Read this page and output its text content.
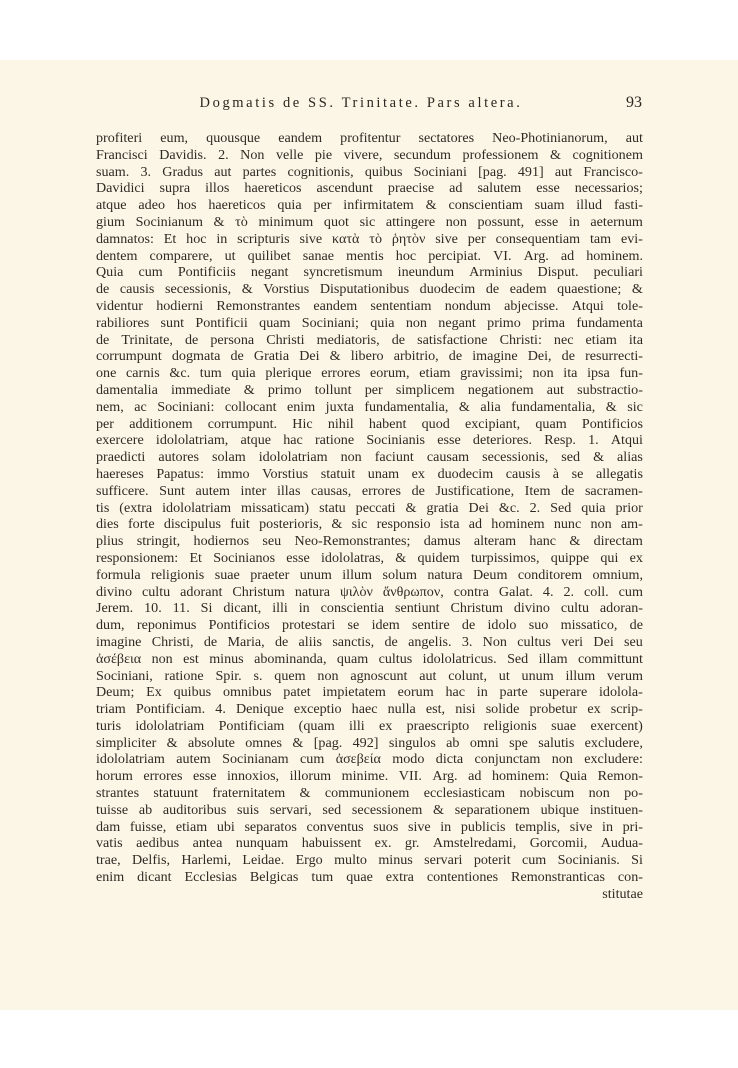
Dogmatis de SS. Trinitate. Pars altera.	93
profiteri eum, quousque eandem profitentur sectatores Neo-Photinianorum, aut
Francisci Davidis. 2. Non velle pie vivere, secundum professionem & cognitionem
suam. 3. Gradus aut partes cognitionis, quibus Sociniani [pag. 491] aut Francisco-
Davidici supra illos haereticos ascendunt praecise ad salutem esse necessarios;
atque adeo hos haereticos quia per infirmitatem & conscientiam suam illud fasti-
gium Socinianum & τὸ minimum quot sic attingere non possunt, esse in aeternum
damnatos: Et hoc in scripturis sive κατὰ τὸ ῥητὸν sive per consequentiam tam evi-
dentem comparere, ut quilibet sanae mentis hoc percipiat. VI. Arg. ad hominem.
Quia cum Pontificiis negant syncretismum ineundum Arminius Disput. peculiari
de causis secessionis, & Vorstius Disputationibus duodecim de eadem quaestione; &
videntur hodierni Remonstrantes eandem sententiam nondum abjecisse. Atqui tole-
rabiliores sunt Pontificii quam Sociniani; quia non negant primo prima fundamenta
de Trinitate, de persona Christi mediatoris, de satisfactione Christi: nec etiam ita
corrumpunt dogmata de Gratia Dei & libero arbitrio, de imagine Dei, de resurrecti-
one carnis &c. tum quia plerique errores eorum, etiam gravissimi; non ita ipsa fun-
damentalia immediate & primo tollunt per simplicem negationem aut substractio-
nem, ac Sociniani: collocant enim juxta fundamentalia, & alia fundamentalia, & sic
per additionem corrumpunt. Hic nihil habent quod excipiant, quam Pontificios
exercere idololatriam, atque hac ratione Socinianis esse deteriores. Resp. 1. Atqui
praedicti autores solam idololatriam non faciunt causam secessionis, sed & alias
haereses Papatus: immo Vorstius statuit unam ex duodecim causis à se allegatis
sufficere. Sunt autem inter illas causas, errores de Justificatione, Item de sacramen-
tis (extra idololatriam missaticam) statu peccati & gratia Dei &c. 2. Sed quia prior
dies forte discipulus fuit posterioris, & sic responsio ista ad hominem nunc non am-
plius stringit, hodiernos seu Neo-Remonstrantes; damus alteram hanc & directam
responsionem: Et Socinianos esse idololatras, & quidem turpissimos, quippe qui ex
formula religionis suae praeter unum illum solum natura Deum conditorem omnium,
divino cultu adorant Christum natura ψιλὸν ἄνθρωπον, contra Galat. 4. 2. coll. cum
Jerem. 10. 11. Si dicant, illi in conscientia sentiunt Christum divino cultu adoran-
dum, reponimus Pontificios protestari se idem sentire de idolo suo missatico, de
imagine Christi, de Maria, de aliis sanctis, de angelis. 3. Non cultus veri Dei seu
ἀσέβεια non est minus abominanda, quam cultus idololatricus. Sed illam committunt
Sociniani, ratione Spir. s. quem non agnoscunt aut colunt, ut unum illum verum
Deum; Ex quibus omnibus patet impietatem eorum hac in parte superare idolola-
triam Pontificiam. 4. Denique exceptio haec nulla est, nisi solide probetur ex scrip-
turis idololatriam Pontificiam (quam illi ex praescripto religionis suae exercent)
simpliciter & absolute omnes & [pag. 492] singulos ab omni spe salutis excludere,
idololatriam autem Socinianam cum ἀσεβεία modo dicta conjunctam non excludere:
horum errores esse innoxios, illorum minime. VII. Arg. ad hominem: Quia Remon-
strantes statuunt fraternitatem & communionem ecclesiasticam nobiscum non po-
tuisse ab auditoribus suis servari, sed secessionem & separationem ubique instituen-
dam fuisse, etiam ubi separatos conventus suos sive in publicis templis, sive in pri-
vatis aedibus antea nunquam habuissent ex. gr. Amstelredami, Gorcomii, Auduа-
trae, Delfis, Harlemi, Leidae. Ergo multo minus servari poterit cum Socinianis. Si
enim dicant Ecclesias Belgicas tum quae extra contentiones Remonstranticas con-
stitutae
